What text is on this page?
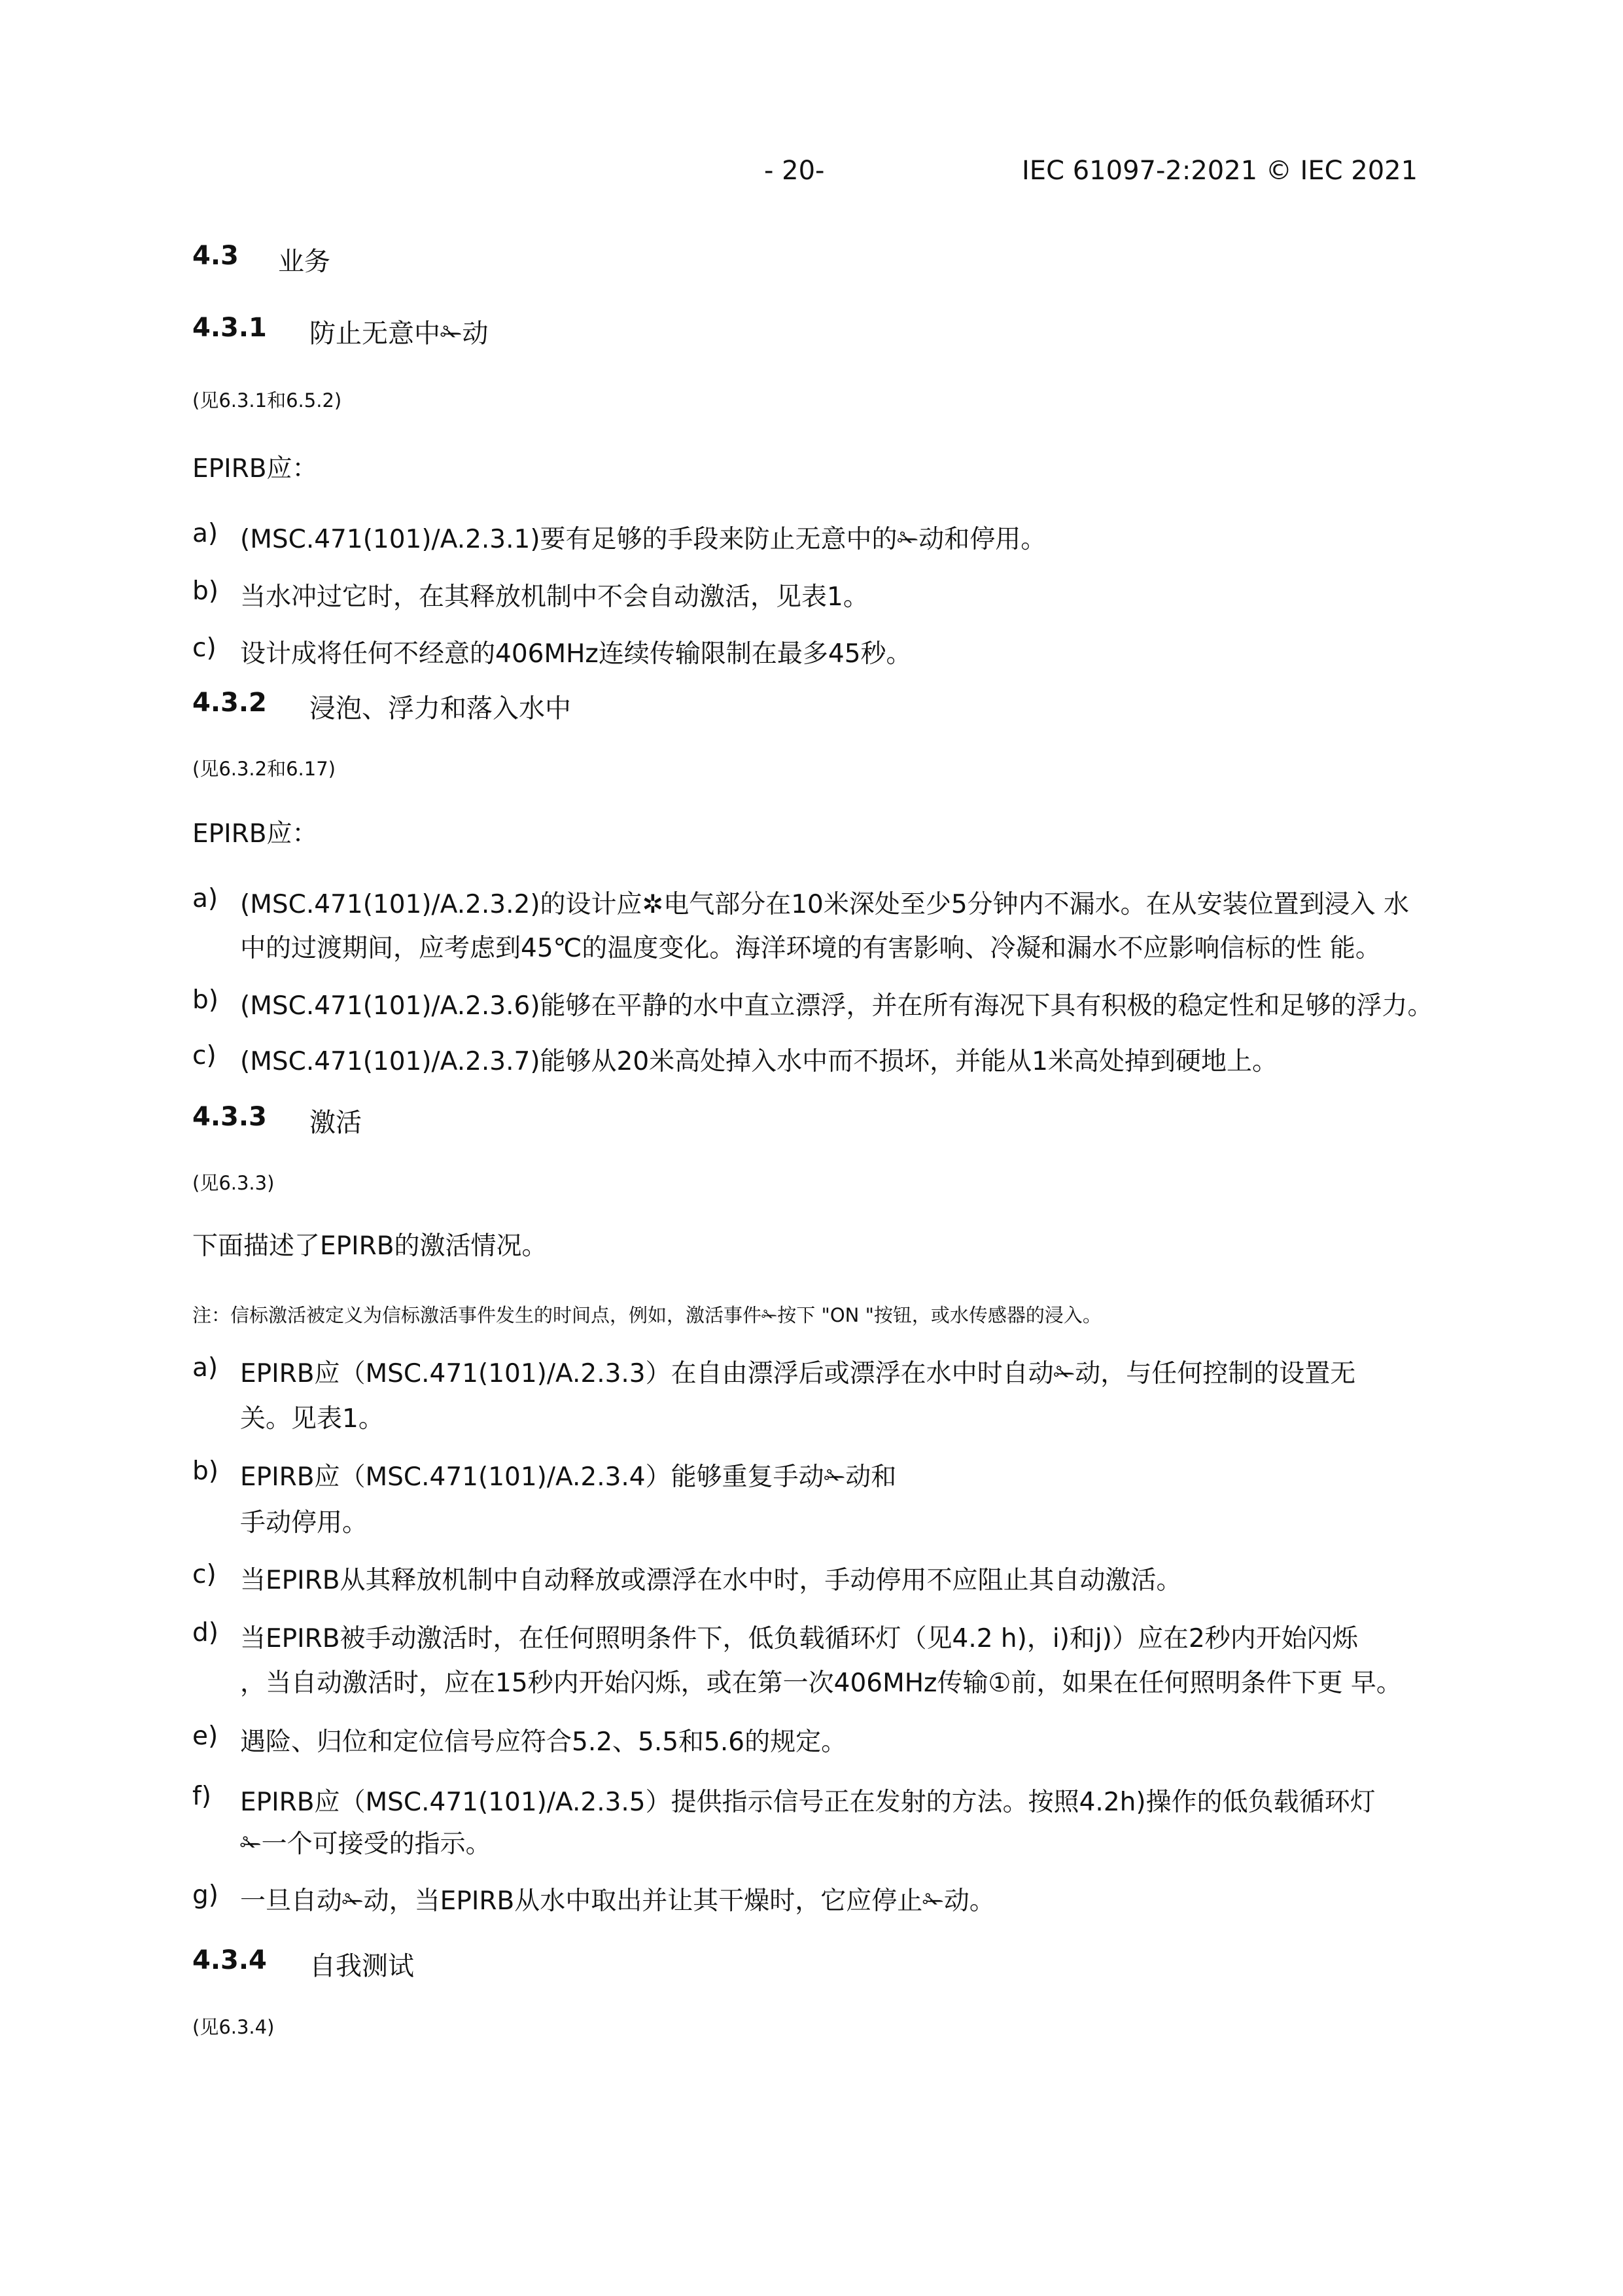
- 20-	IEC 61097-2:2021 © IEC 2021
4.3 业务
4.3.1 防止无意中✁动
(见6.3.1和6.5.2)
EPIRB应：
a) (MSC.471(101)/A.2.3.1)要有足够的手段来防止无意中的✁动和停用。
b) 当水冲过它时，在其释放机制中不会自动激活，见表1。
c) 设计成将任何不经意的406MHz连续传输限制在最多45秒。
4.3.2 浸泡、浮力和落入水中
(见6.3.2和6.17)
EPIRB应：
a) (MSC.471(101)/A.2.3.2)的设计应✲电气部分在10米深处至少5分钟内不漏水。在从安装位置到浸入 水
中的过渡期间，应考虑到45℃的温度变化。海洋环境的有害影响、冷凝和漏水不应影响信标的性 能。
b) (MSC.471(101)/A.2.3.6)能够在平静的水中直立漂浮，并在所有海况下具有积极的稳定性和足够的浮力。
c) (MSC.471(101)/A.2.3.7)能够从20米高处掉入水中而不损坏，并能从1米高处掉到硬地上。
4.3.3 激活
(见6.3.3)
下面描述了EPIRB的激活情况。
注：信标激活被定义为信标激活事件发生的时间点，例如，激活事件✁按下 "ON "按钮，或水传感器的浸入。
a) EPIRB应（MSC.471(101)/A.2.3.3）在自由漂浮后或漂浮在水中时自动✁动，与任何控制的设置无
关。见表1。
b) EPIRB应（MSC.471(101)/A.2.3.4）能够重复手动✁动和
手动停用。
c) 当EPIRB从其释放机制中自动释放或漂浮在水中时，手动停用不应阻止其自动激活。
d) 当EPIRB被手动激活时，在任何照明条件下，低负载循环灯（见4.2 h)，i)和j)）应在2秒内开始闪烁
，当自动激活时，应在15秒内开始闪烁，或在第一次406MHz传输①前，如果在任何照明条件下更 早。
e) 遇险、归位和定位信号应符合5.2、5.5和5.6的规定。
f) EPIRB应（MSC.471(101)/A.2.3.5）提供指示信号正在发射的方法。按照4.2h)操作的低负载循环灯
✁一个可接受的指示。
g) 一旦自动✁动，当EPIRB从水中取出并让其干燥时，它应停止✁动。
4.3.4 自我测试
(见6.3.4)
